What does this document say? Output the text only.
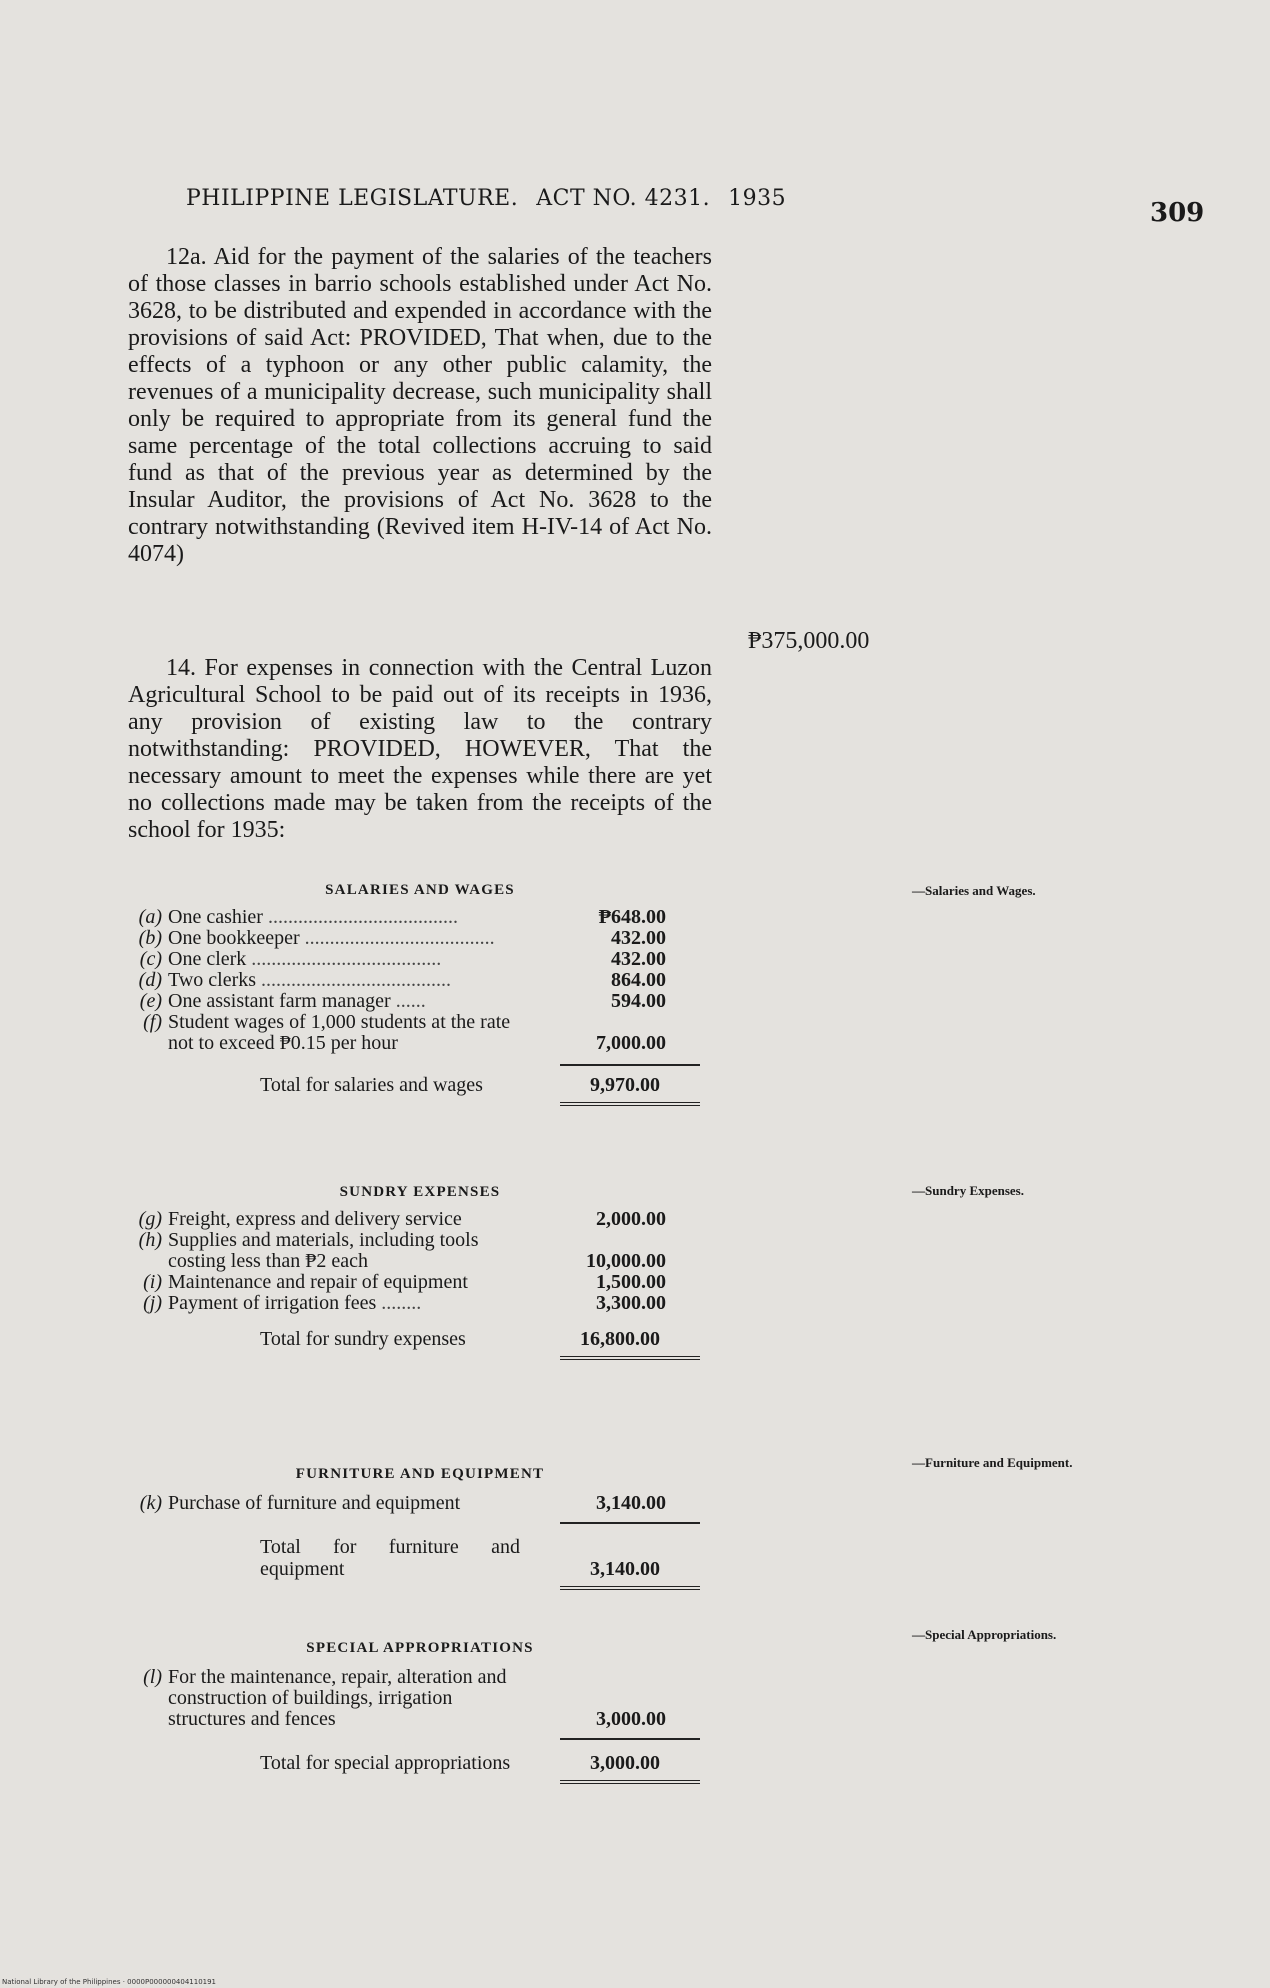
PHILIPPINE LEGISLATURE. ACT NO. 4231. 1935	309

12a. Aid for the payment of the salaries of the teachers of those classes in barrio schools established under Act No. 3628, to be distributed and expended in accordance with the provisions of said Act: PROVIDED, That when, due to the effects of a typhoon or any other public calamity, the revenues of a municipality decrease, such municipality shall only be required to appropriate from its general fund the same percentage of the total collections accruing to said fund as that of the previous year as determined by the Insular Auditor, the provisions of Act No. 3628 to the contrary notwithstanding (Revived item H-IV-14 of Act No. 4074)

₱375,000.00

14. For expenses in connection with the Central Luzon Agricultural School to be paid out of its receipts in 1936, any provision of existing law to the contrary notwithstanding: PROVIDED, HOWEVER, That the necessary amount to meet the expenses while there are yet no collections made may be taken from the receipts of the school for 1935:

SALARIES AND WAGES
(a) One cashier ......................................	₱648.00
(b) One bookkeeper ......................................	432.00
(c) One clerk ......................................	432.00
(d) Two clerks ......................................	864.00
(e) One assistant farm manager ......	594.00
(f) Student wages of 1,000 students at the rate not to exceed ₱0.15 per hour	7,000.00
Total for salaries and wages	9,970.00
—Salaries and Wages.
SUNDRY EXPENSES
(g) Freight, express and delivery service	2,000.00
(h) Supplies and materials, including tools costing less than ₱2 each	10,000.00
(i) Maintenance and repair of equipment	1,500.00
(j) Payment of irrigation fees ........	3,300.00
Total for sundry expenses	16,800.00
—Sundry Expenses.
FURNITURE AND EQUIPMENT
(k) Purchase of furniture and equipment	3,140.00
Total for furniture and equipment	3,140.00
—Furniture and Equipment.
SPECIAL APPROPRIATIONS
(l) For the maintenance, repair, alteration and construction of buildings, irrigation structures and fences	3,000.00
Total for special appropriations	3,000.00
—Special Appropriations.
National Library of the Philippines · 0000P000000404110191
